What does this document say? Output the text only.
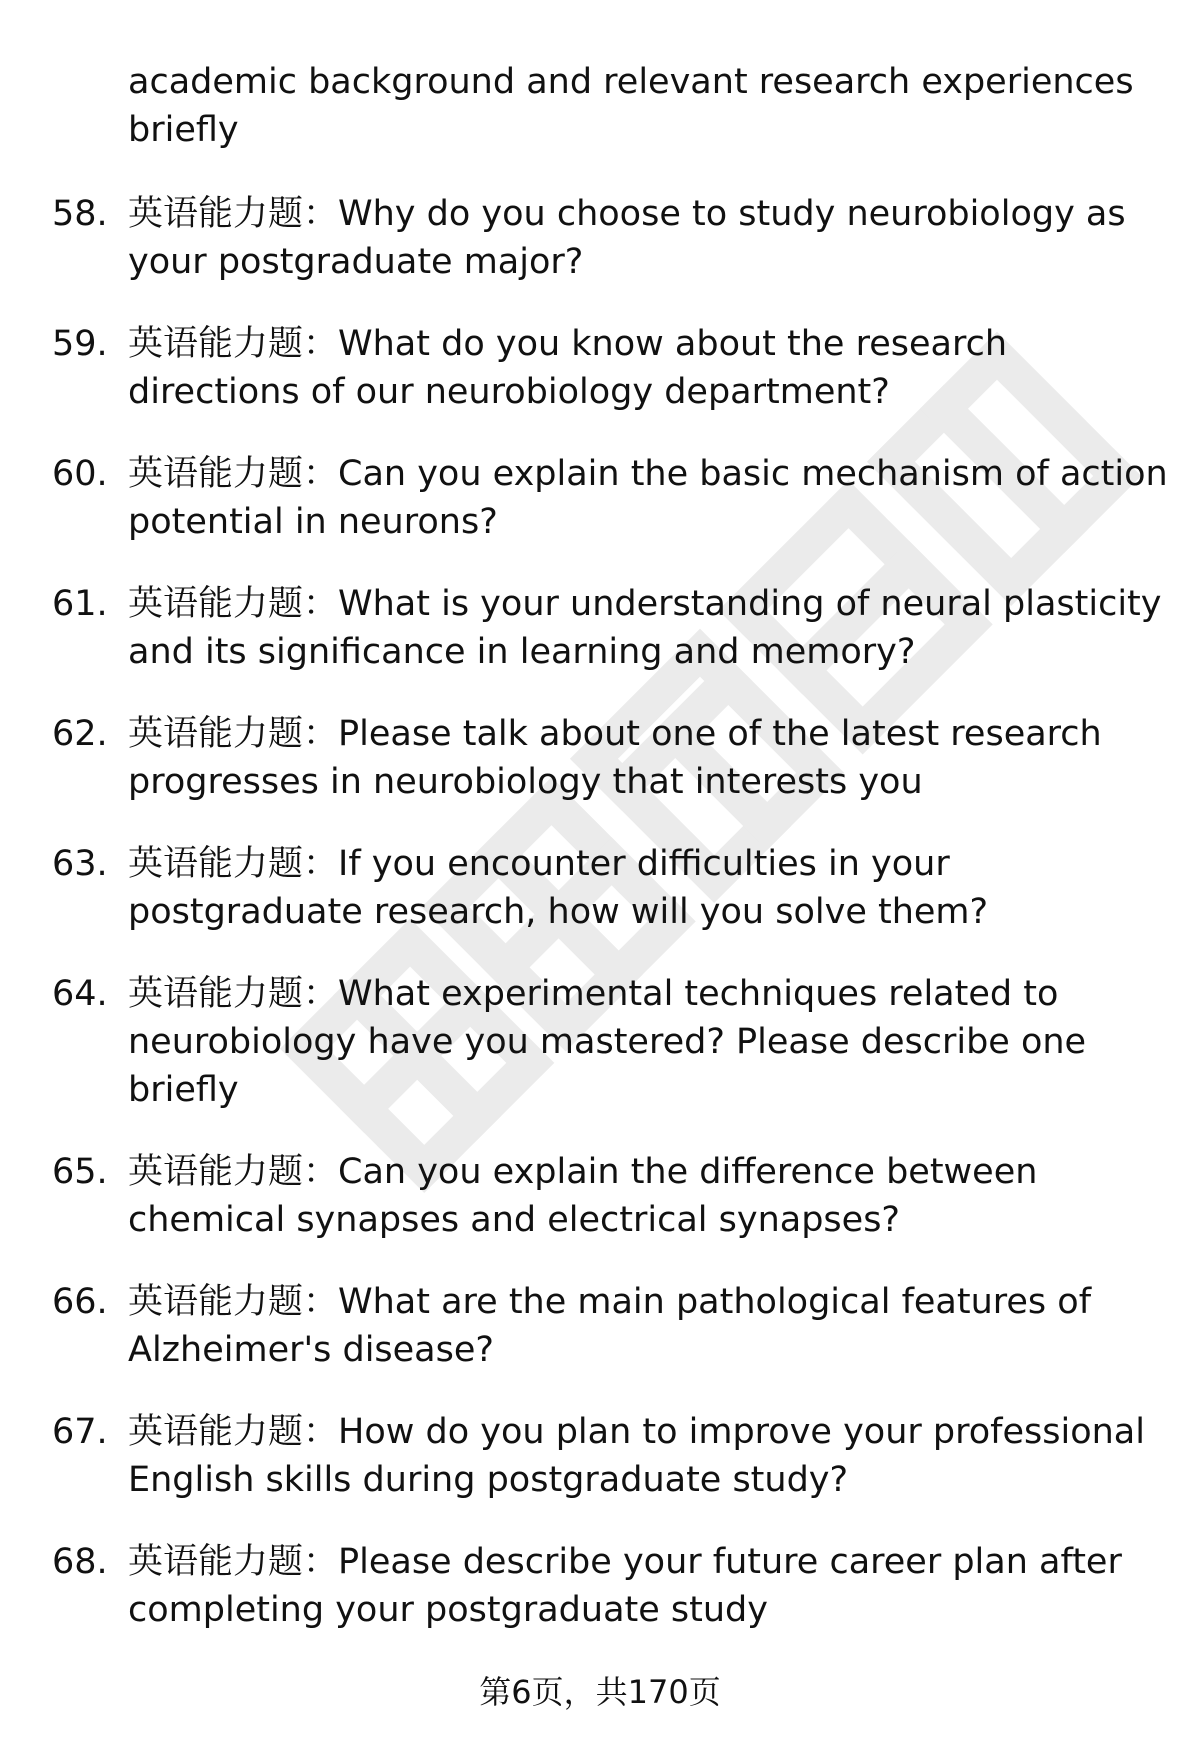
academic background and relevant research experiences briefly
58. 英语能力题：Why do you choose to study neurobiology as your postgraduate major?
59. 英语能力题：What do you know about the research directions of our neurobiology department?
60. 英语能力题：Can you explain the basic mechanism of action potential in neurons?
61. 英语能力题：What is your understanding of neural plasticity and its significance in learning and memory?
62. 英语能力题：Please talk about one of the latest research progresses in neurobiology that interests you
63. 英语能力题：If you encounter difficulties in your postgraduate research, how will you solve them?
64. 英语能力题：What experimental techniques related to neurobiology have you mastered? Please describe one briefly
65. 英语能力题：Can you explain the difference between chemical synapses and electrical synapses?
66. 英语能力题：What are the main pathological features of Alzheimer's disease?
67. 英语能力题：How do you plan to improve your professional English skills during postgraduate study?
68. 英语能力题：Please describe your future career plan after completing your postgraduate study
第6页，共170页
